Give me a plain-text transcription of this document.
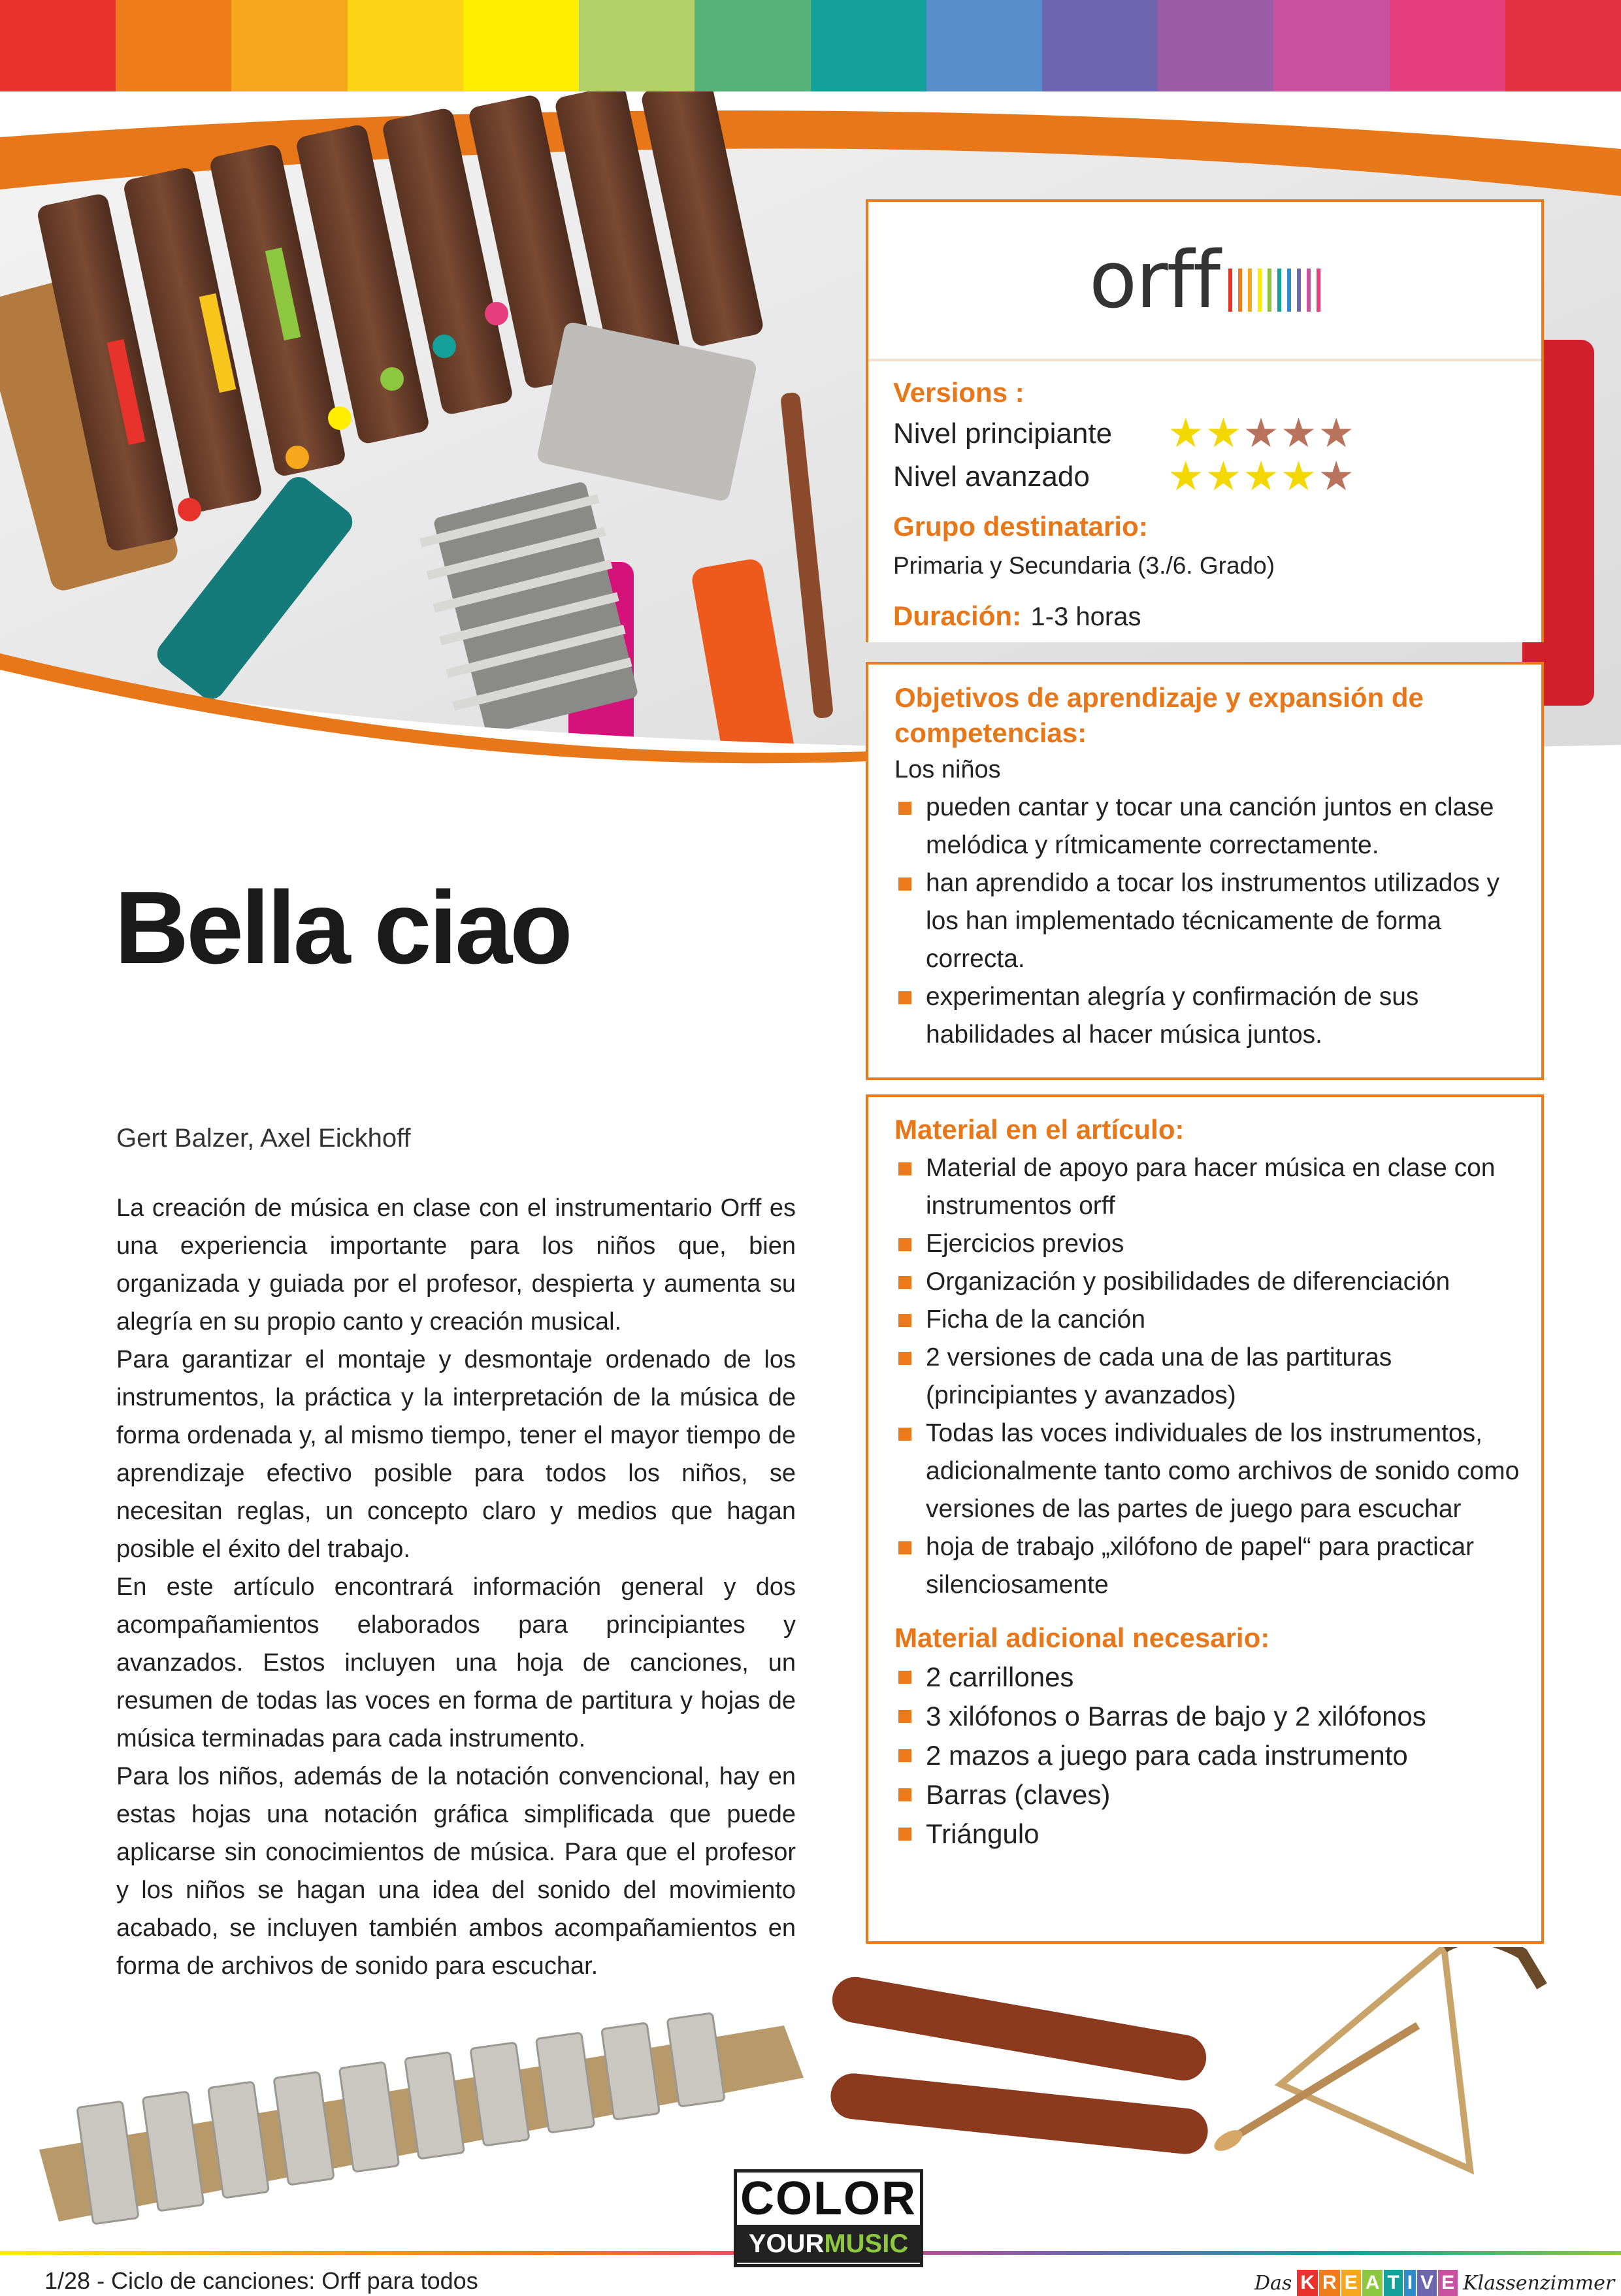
orff
Versions :
Nivel principiante	★ ★ ★ ★ ★
Nivel avanzado	★ ★ ★ ★ ★
Grupo destinatario:
Primaria y Secundaria (3./6. Grado)
Duración: 1-3 horas
Objetivos de aprendizaje y expansión de competencias:
Los niños
pueden cantar y tocar una canción juntos en clase melódica y rítmicamente correctamente.
han aprendido a tocar los instrumentos utilizados y los han implementado técnicamente de forma correcta.
experimentan alegría y confirmación de sus habilidades al hacer música juntos.
Material en el artículo:
Material de apoyo para hacer música en clase con instrumentos orff
Ejercicios previos
Organización y posibilidades de diferenciación
Ficha de la canción
2 versiones de cada una de las partituras (principiantes y avanzados)
Todas las voces individuales de los instrumentos, adicionalmente tanto como archivos de sonido como versiones de las partes de juego para escuchar
hoja de trabajo „xilófono de papel“ para practicar silenciosamente
Material adicional necesario:
2 carrillones
3 xilófonos o Barras de bajo y 2 xilófonos
2 mazos a juego para cada instrumento
Barras (claves)
Triángulo
Bella ciao
Gert Balzer, Axel Eickhoff

La creación de música en clase con el instrumentario Orff es una experiencia importante para los niños que, bien organizada y guiada por el profesor, despierta y aumenta su alegría en su propio canto y creación musical.

Para garantizar el montaje y desmontaje ordenado de los instrumentos, la práctica y la interpretación de la música de forma ordenada y, al mismo tiempo, tener el mayor tiempo de aprendizaje efectivo posible para todos los niños, se necesitan reglas, un concepto claro y medios que hagan posible el éxito del trabajo.

En este artículo encontrará información general y dos acompañamientos elaborados para principiantes y avanzados. Estos incluyen una hoja de canciones, un resumen de todas las voces en forma de partitura y hojas de música terminadas para cada instrumento.

Para los niños, además de la notación convencional, hay en estas hojas una notación gráfica simplificada que puede aplicarse sin conocimientos de música. Para que el profesor y los niños se hagan una idea del sonido del movimiento acabado, se incluyen también ambos acompañamientos en forma de archivos de sonido para escuchar.

1/28 - Ciclo de canciones: Orff para todos
COLOR
YOURMUSIC
Das K R E A T I V E Klassenzimmer
